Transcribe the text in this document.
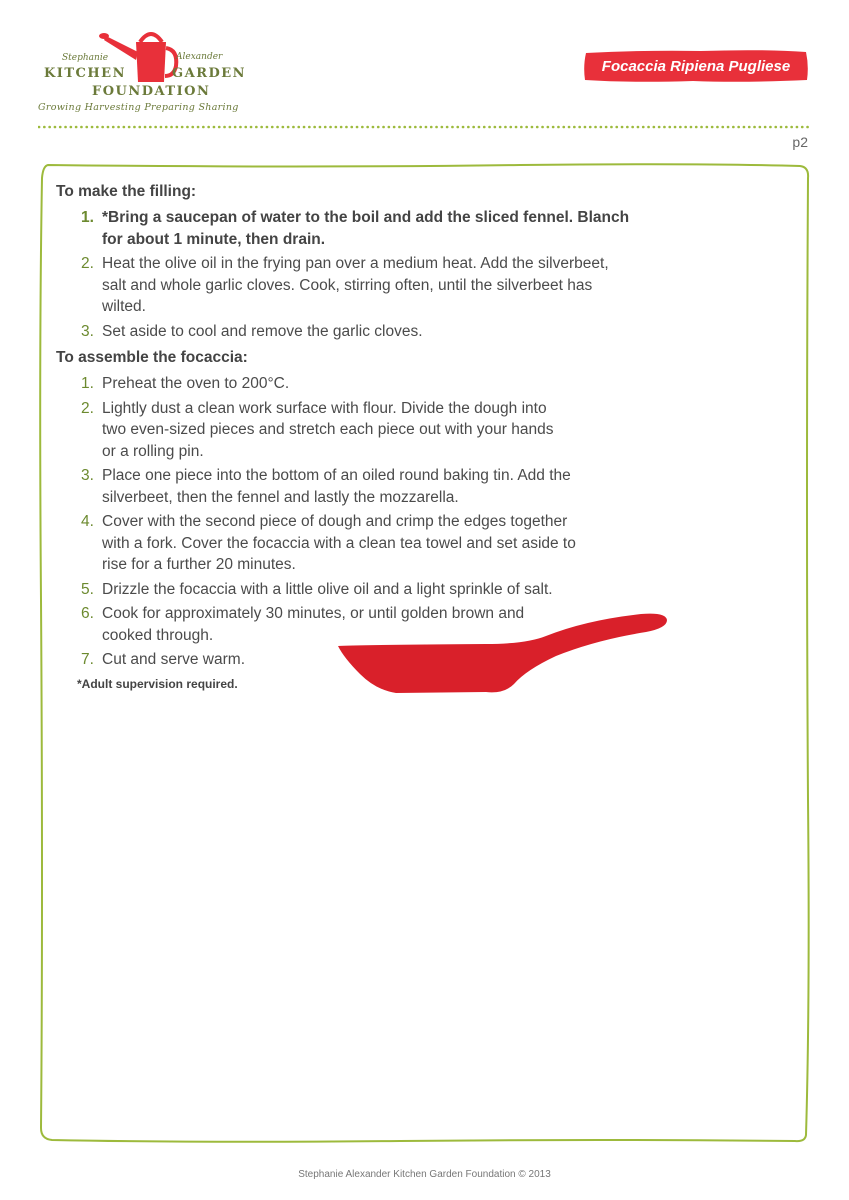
Stephanie	Alexander
KITCHEN	GARDEN
FOUNDATION
Growing Harvesting Preparing Sharing
Focaccia Ripiena Pugliese
p2
To make the filling:
1. *Bring a saucepan of water to the boil and add the sliced fennel. Blanch
for about 1 minute, then drain.
2. Heat the olive oil in the frying pan over a medium heat. Add the silverbeet,
salt and whole garlic cloves. Cook, stirring often, until the silverbeet has
wilted.
3. Set aside to cool and remove the garlic cloves.
To assemble the focaccia:
1. Preheat the oven to 200°C.
2. Lightly dust a clean work surface with flour. Divide the dough into
two even-sized pieces and stretch each piece out with your hands
or a rolling pin.
3. Place one piece into the bottom of an oiled round baking tin. Add the
silverbeet, then the fennel and lastly the mozzarella.
4. Cover with the second piece of dough and crimp the edges together
with a fork. Cover the focaccia with a clean tea towel and set aside to
rise for a further 20 minutes.
5. Drizzle the focaccia with a little olive oil and a light sprinkle of salt.
6. Cook for approximately 30 minutes, or until golden brown and
cooked through.
7. Cut and serve warm.
*Adult supervision required.
Stephanie Alexander Kitchen Garden Foundation © 2013
